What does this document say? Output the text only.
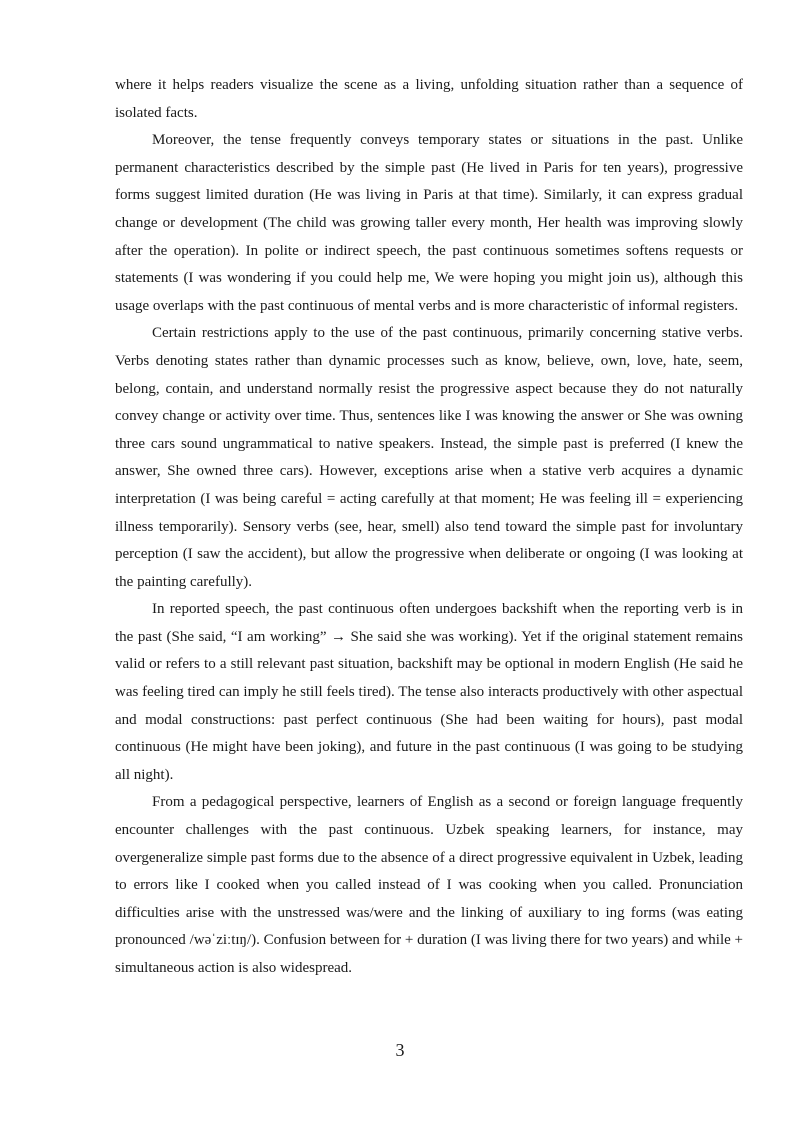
where it helps readers visualize the scene as a living, unfolding situation rather than a sequence of isolated facts.

Moreover, the tense frequently conveys temporary states or situations in the past. Unlike permanent characteristics described by the simple past (He lived in Paris for ten years), progressive forms suggest limited duration (He was living in Paris at that time). Similarly, it can express gradual change or development (The child was growing taller every month, Her health was improving slowly after the operation). In polite or indirect speech, the past continuous sometimes softens requests or statements (I was wondering if you could help me, We were hoping you might join us), although this usage overlaps with the past continuous of mental verbs and is more characteristic of informal registers.

Certain restrictions apply to the use of the past continuous, primarily concerning stative verbs. Verbs denoting states rather than dynamic processes such as know, believe, own, love, hate, seem, belong, contain, and understand normally resist the progressive aspect because they do not naturally convey change or activity over time. Thus, sentences like I was knowing the answer or She was owning three cars sound ungrammatical to native speakers. Instead, the simple past is preferred (I knew the answer, She owned three cars). However, exceptions arise when a stative verb acquires a dynamic interpretation (I was being careful = acting carefully at that moment; He was feeling ill = experiencing illness temporarily). Sensory verbs (see, hear, smell) also tend toward the simple past for involuntary perception (I saw the accident), but allow the progressive when deliberate or ongoing (I was looking at the painting carefully).

In reported speech, the past continuous often undergoes backshift when the reporting verb is in the past (She said, “I am working” → She said she was working). Yet if the original statement remains valid or refers to a still relevant past situation, backshift may be optional in modern English (He said he was feeling tired can imply he still feels tired). The tense also interacts productively with other aspectual and modal constructions: past perfect continuous (She had been waiting for hours), past modal continuous (He might have been joking), and future in the past continuous (I was going to be studying all night).

From a pedagogical perspective, learners of English as a second or foreign language frequently encounter challenges with the past continuous. Uzbek speaking learners, for instance, may overgeneralize simple past forms due to the absence of a direct progressive equivalent in Uzbek, leading to errors like I cooked when you called instead of I was cooking when you called. Pronunciation difficulties arise with the unstressed was/were and the linking of auxiliary to ing forms (was eating pronounced /wəˈziːtɪŋ/). Confusion between for + duration (I was living there for two years) and while + simultaneous action is also widespread.

3
